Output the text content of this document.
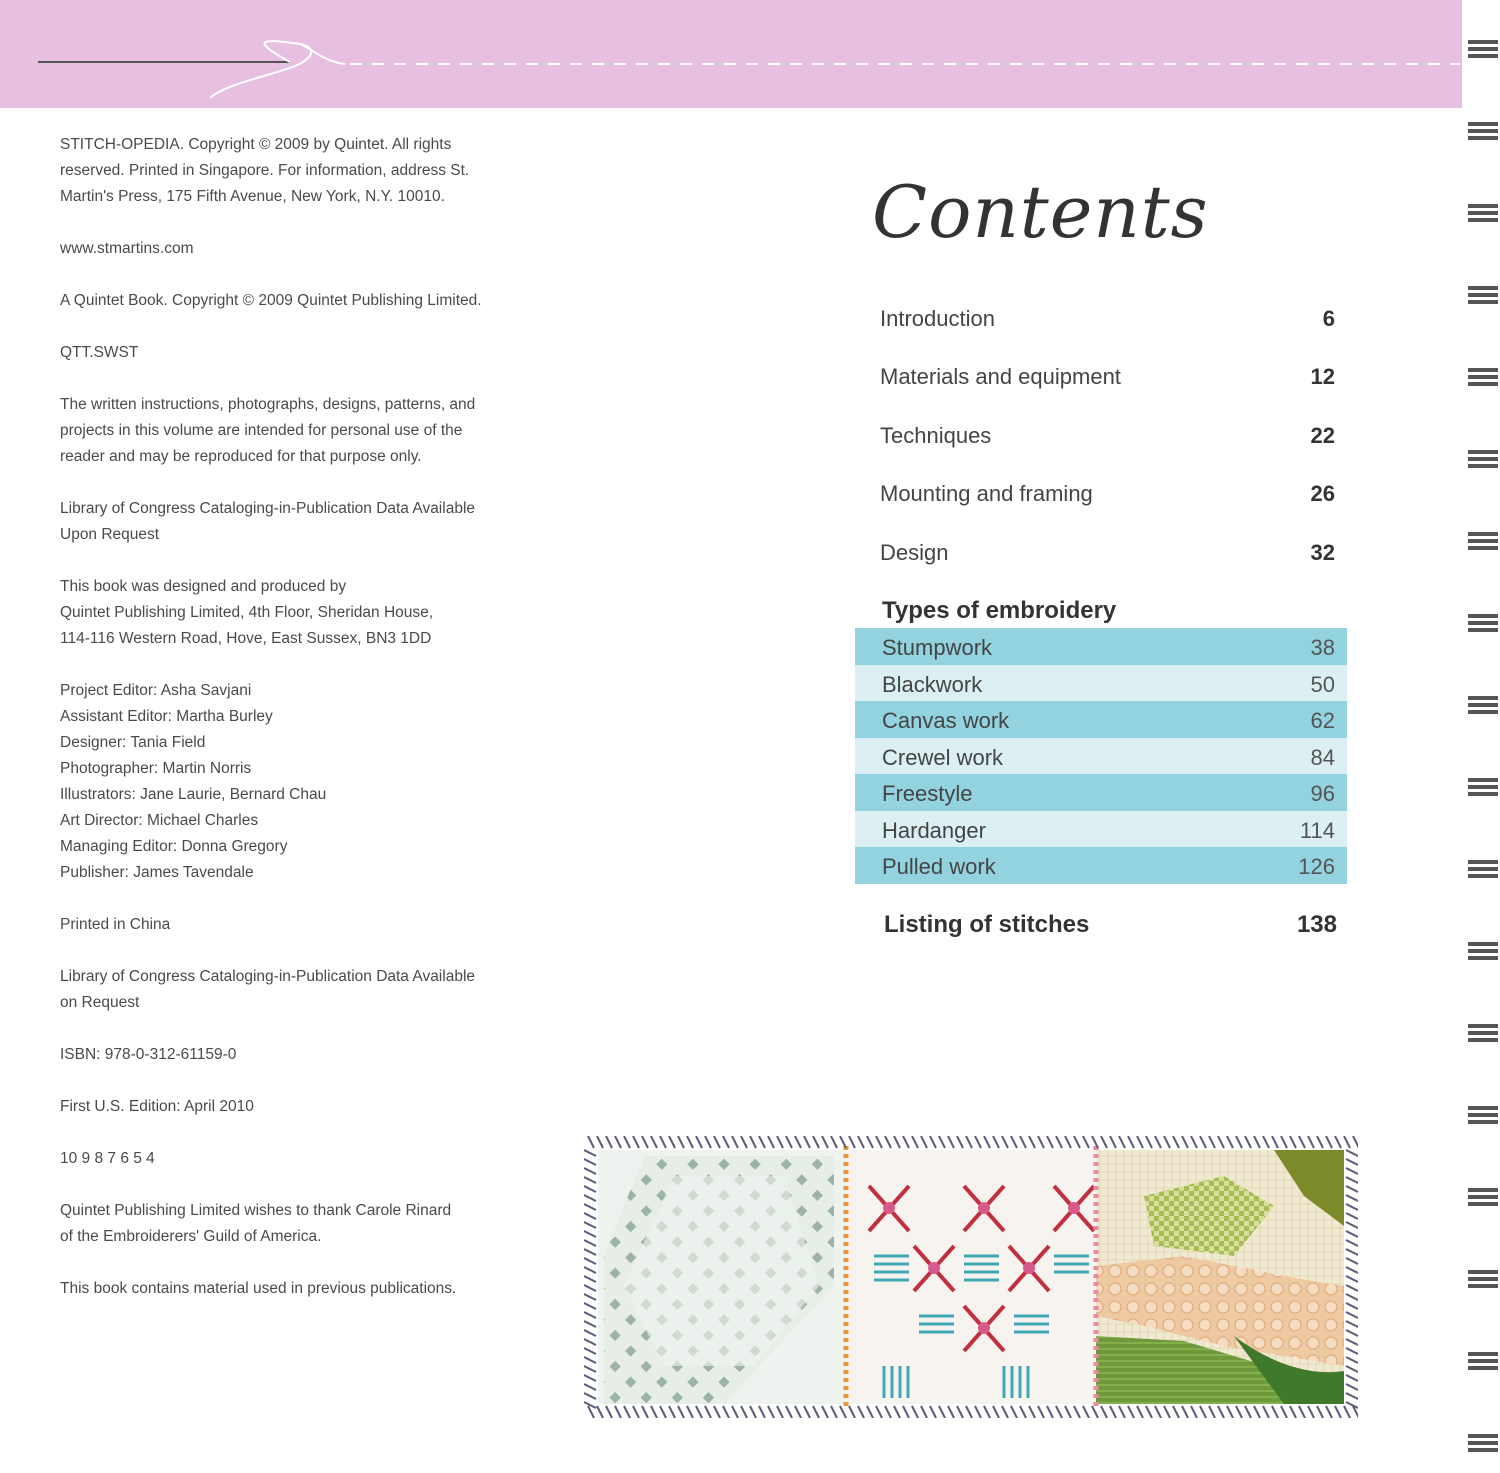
STITCH-OPEDIA. Copyright © 2009 by Quintet. All rights
reserved. Printed in Singapore. For information, address St.
Martin's Press, 175 Fifth Avenue, New York, N.Y. 10010.

www.stmartins.com

A Quintet Book. Copyright © 2009 Quintet Publishing Limited.

QTT.SWST

The written instructions, photographs, designs, patterns, and
projects in this volume are intended for personal use of the
reader and may be reproduced for that purpose only.

Library of Congress Cataloging-in-Publication Data Available
Upon Request

This book was designed and produced by
Quintet Publishing Limited, 4th Floor, Sheridan House,
114-116 Western Road, Hove, East Sussex, BN3 1DD

Project Editor: Asha Savjani
Assistant Editor: Martha Burley
Designer: Tania Field
Photographer: Martin Norris
Illustrators: Jane Laurie, Bernard Chau
Art Director: Michael Charles
Managing Editor: Donna Gregory
Publisher: James Tavendale

Printed in China

Library of Congress Cataloging-in-Publication Data Available
on Request

ISBN: 978-0-312-61159-0

First U.S. Edition: April 2010

10 9 8 7 6 5 4

Quintet Publishing Limited wishes to thank Carole Rinard
of the Embroiderers' Guild of America.

This book contains material used in previous publications.

Contents
Introduction	6
Materials and equipment	12
Techniques	22
Mounting and framing	26
Design	32
Types of embroidery
Stumpwork	38
Blackwork	50
Canvas work	62
Crewel work	84
Freestyle	96
Hardanger	114
Pulled work	126
Listing of stitches	138
